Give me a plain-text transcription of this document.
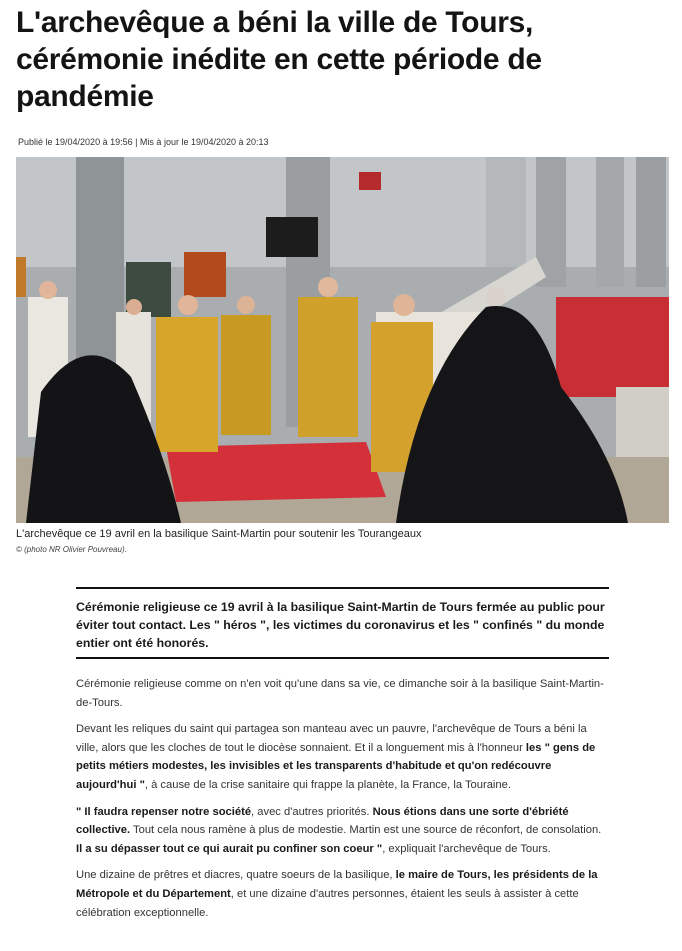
L'archevêque a béni la ville de Tours, cérémonie inédite en cette période de pandémie
Publié le 19/04/2020 à 19:56 | Mis à jour le 19/04/2020 à 20:13
L'archevêque ce 19 avril en la basilique Saint-Martin pour soutenir les Tourangeaux
© (photo NR Olivier Pouvreau).
Cérémonie religieuse ce 19 avril à la basilique Saint-Martin de Tours fermée au public pour éviter tout contact. Les " héros ", les victimes du coronavirus et les " confinés " du monde entier ont été honorés.

Cérémonie religieuse comme on n'en voit qu'une dans sa vie, ce dimanche soir à la basilique Saint-Martin-de-Tours.

Devant les reliques du saint qui partagea son manteau avec un pauvre, l'archevêque de Tours a béni la ville, alors que les cloches de tout le diocèse sonnaient. Et il a longuement mis à l'honneur les " gens de petits métiers modestes, les invisibles et les transparents d'habitude et qu'on redécouvre aujourd'hui ", à cause de la crise sanitaire qui frappe la planète, la France, la Touraine.

" Il faudra repenser notre société, avec d'autres priorités. Nous étions dans une sorte d'ébriété collective. Tout cela nous ramène à plus de modestie. Martin est une source de réconfort, de consolation. Il a su dépasser tout ce qui aurait pu confiner son coeur ", expliquait l'archevêque de Tours.

Une dizaine de prêtres et diacres, quatre soeurs de la basilique, le maire de Tours, les présidents de la Métropole et du Département, et une dizaine d'autres personnes, étaient les seuls à assister à cette célébration exceptionnelle.
